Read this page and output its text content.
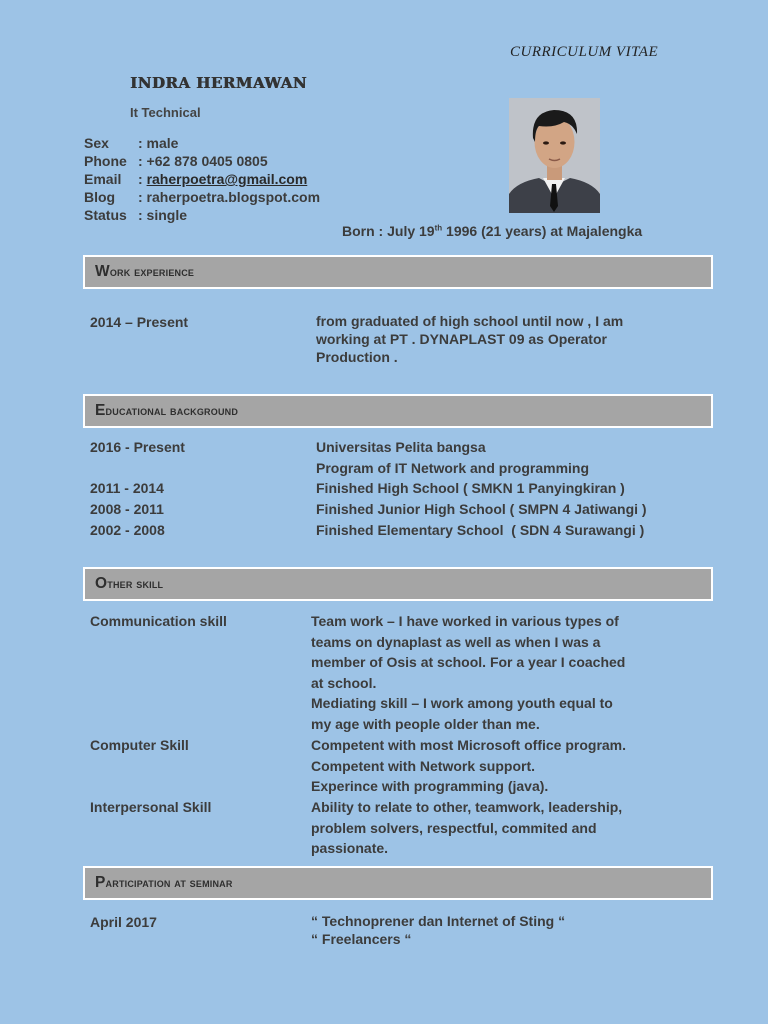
CURRICULUM VITAE
INDRA HERMAWAN
It Technical
Sex	: male
Phone : +62 878 0405 0805
Email	: raherpoetra@gmail.com
Blog	: raherpoetra.blogspot.com
Status : single
Born : July 19th 1996 (21 years) at Majalengka
Work experience
2014 – Present	from graduated of high school until now , I am working at PT . DYNAPLAST 09 as Operator Production .
Educational background
2016 - Present	Universitas Pelita bangsa
Program of IT Network and programming
2011 - 2014	Finished High School ( SMKN 1 Panyingkiran )
2008 - 2011	Finished Junior High School ( SMPN 4 Jatiwangi )
2002 - 2008	Finished Elementary School  ( SDN 4 Surawangi )
Other skill
Communication skill	Team work – I have worked in various types of
teams on dynaplast as well as when I was a
member of Osis at school. For a year I coached
at school.
Mediating skill – I work among youth equal to
my age with people older than me.
Computer Skill	Competent with most Microsoft office program.
Competent with Network support.
Experince with programming (java).
Interpersonal Skill	Ability to relate to other, teamwork, leadership,
problem solvers, respectful, commited and
passionate.
Participation at seminar
April 2017	“ Technoprener dan Internet of Sting “
“ Freelancers “
